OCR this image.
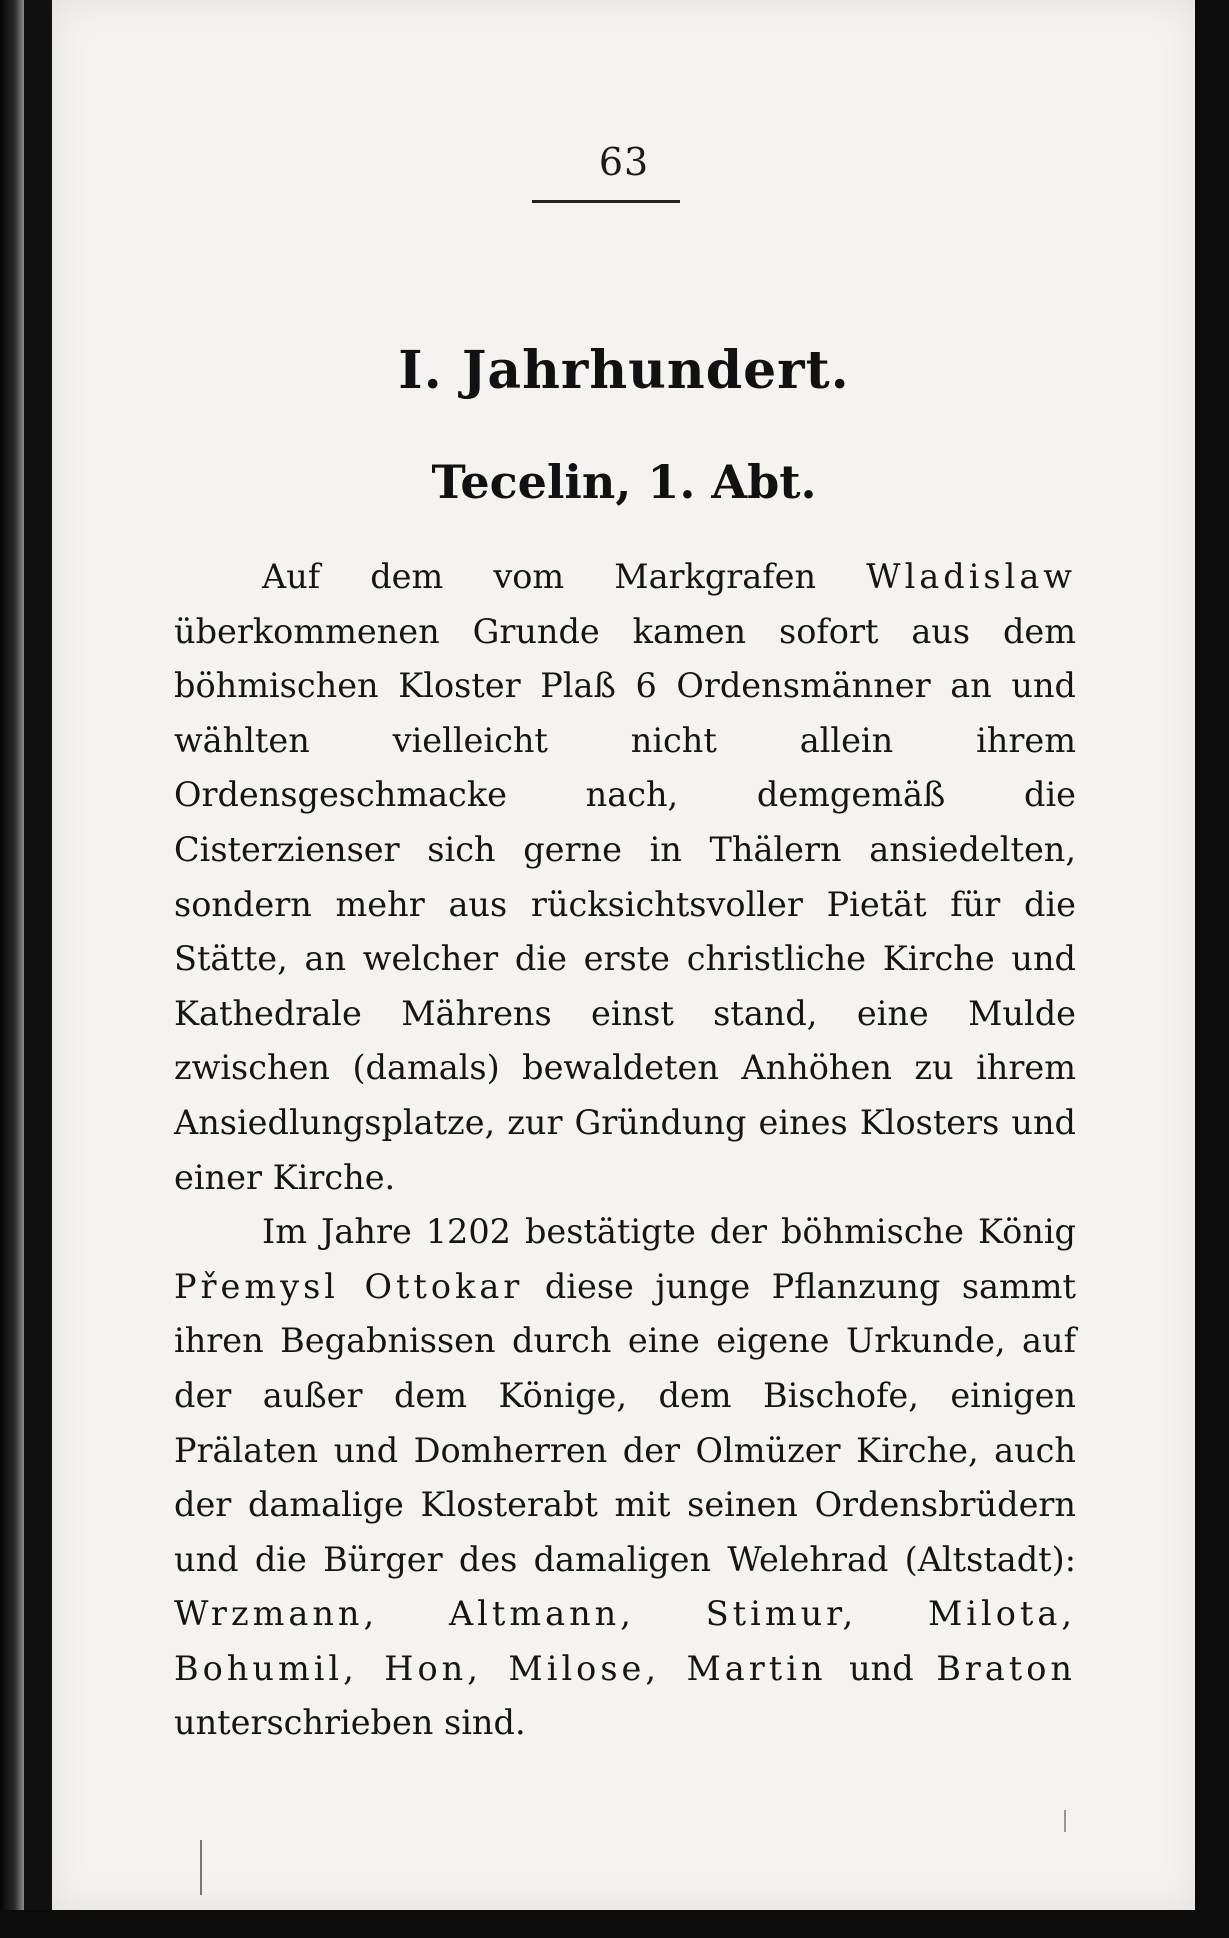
63
I. Jahrhundert.
Tecelin, 1. Abt.

Auf dem vom Markgrafen Wladislaw überkommenen Grunde kamen sofort aus dem böhmischen Kloster Plaß 6 Ordensmänner an und wählten vielleicht nicht allein ihrem Ordensgeschmacke nach, demgemäß die Cisterzienser sich gerne in Thälern ansiedelten, sondern mehr aus rücksichtsvoller Pietät für die Stätte, an welcher die erste christliche Kirche und Kathedrale Mährens einst stand, eine Mulde zwischen (damals) bewaldeten Anhöhen zu ihrem Ansiedlungsplatze, zur Gründung eines Klosters und einer Kirche.

Im Jahre 1202 bestätigte der böhmische König Přemysl Ottokar diese junge Pflanzung sammt ihren Begabnissen durch eine eigene Urkunde, auf der außer dem Könige, dem Bischofe, einigen Prälaten und Domherren der Olmüzer Kirche, auch der damalige Klosterabt mit seinen Ordensbrüdern und die Bürger des damaligen Welehrad (Altstadt): Wrzmann, Altmann, Stimur, Milota, Bohumil, Hon, Milose, Martin und Braton unterschrieben sind.
